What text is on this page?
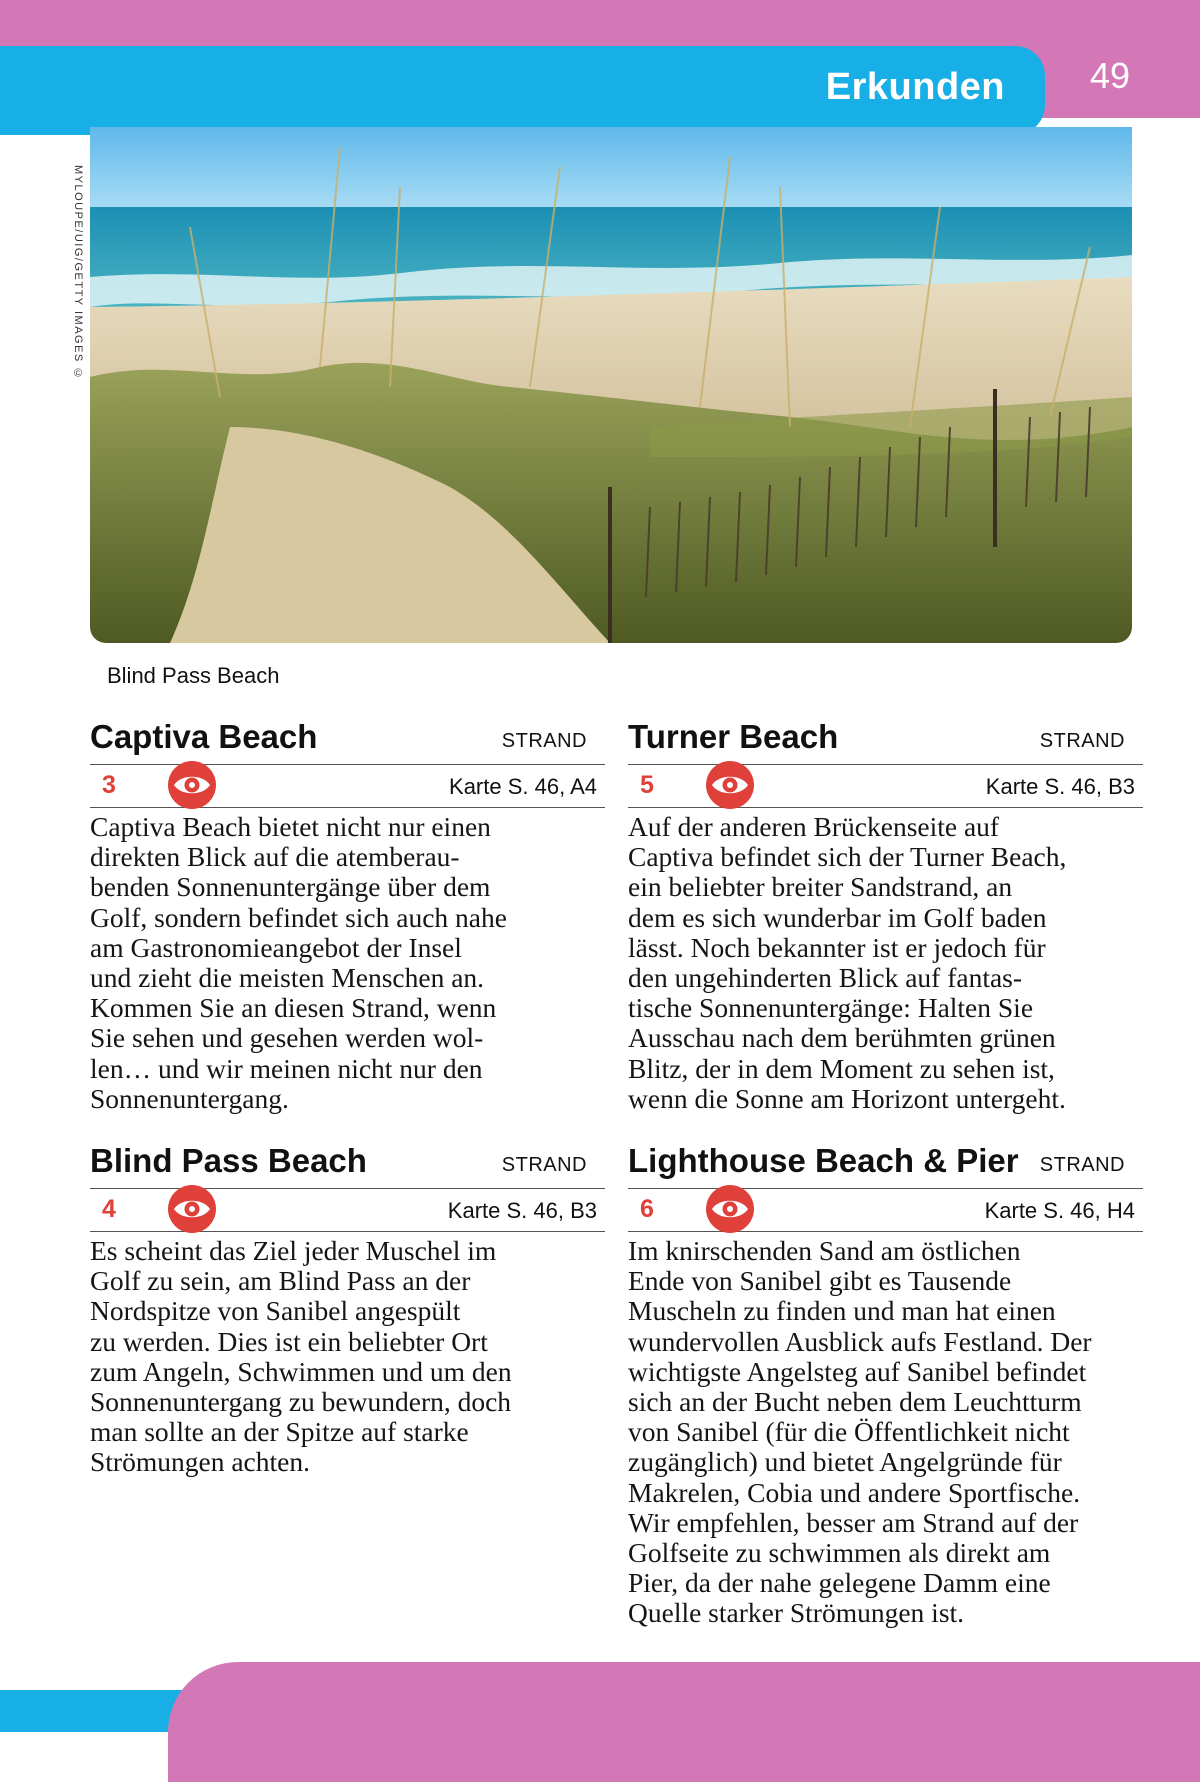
Erkunden 49
MYLOUPE/UIG/GETTY IMAGES ©
Blind Pass Beach
Captiva Beach	STRAND
3	Karte S. 46, A4
Captiva Beach bietet nicht nur einen
direkten Blick auf die atemberau-
benden Sonnenuntergänge über dem
Golf, sondern befindet sich auch nahe
am Gastronomieangebot der Insel
und zieht die meisten Menschen an.
Kommen Sie an diesen Strand, wenn
Sie sehen und gesehen werden wol-
len… und wir meinen nicht nur den
Sonnenuntergang.
Turner Beach	STRAND
5	Karte S. 46, B3
Auf der anderen Brückenseite auf
Captiva befindet sich der Turner Beach,
ein beliebter breiter Sandstrand, an
dem es sich wunderbar im Golf baden
lässt. Noch bekannter ist er jedoch für
den ungehinderten Blick auf fantas-
tische Sonnenuntergänge: Halten Sie
Ausschau nach dem berühmten grünen
Blitz, der in dem Moment zu sehen ist,
wenn die Sonne am Horizont untergeht.
Blind Pass Beach	STRAND
4	Karte S. 46, B3
Es scheint das Ziel jeder Muschel im
Golf zu sein, am Blind Pass an der
Nordspitze von Sanibel angespült
zu werden. Dies ist ein beliebter Ort
zum Angeln, Schwimmen und um den
Sonnenuntergang zu bewundern, doch
man sollte an der Spitze auf starke
Strömungen achten.
Lighthouse Beach & Pier STRAND
6	Karte S. 46, H4
Im knirschenden Sand am östlichen
Ende von Sanibel gibt es Tausende
Muscheln zu finden und man hat einen
wundervollen Ausblick aufs Festland. Der
wichtigste Angelsteg auf Sanibel befindet
sich an der Bucht neben dem Leuchtturm
von Sanibel (für die Öffentlichkeit nicht
zugänglich) und bietet Angelgründe für
Makrelen, Cobia und andere Sportfische.
Wir empfehlen, besser am Strand auf der
Golfseite zu schwimmen als direkt am
Pier, da der nahe gelegene Damm eine
Quelle starker Strömungen ist.
